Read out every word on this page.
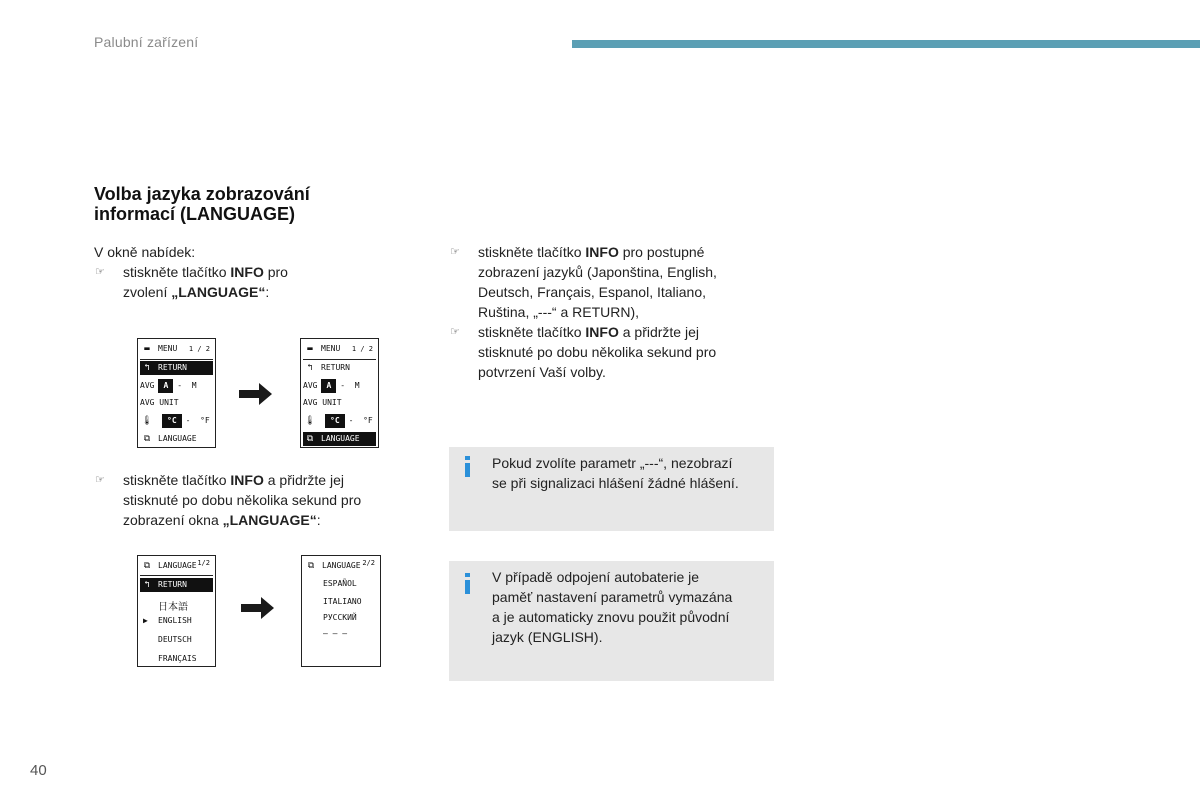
Palubní zařízení
Volba jazyka zobrazování
informací (LANGUAGE)
V okně nabídek:
☞ stiskněte tlačítko INFO pro
zvolení „LANGUAGE“:
▬	MENU 1 / 2
↰	RETURN
AVG	A	-
M
AVG UNIT
🌡	°C	-
°F
⧉ LANGUAGE
▬	MENU 1 / 2
↰	RETURN
AVG	A	-
M
AVG UNIT
🌡	°C	-
°F
⧉ LANGUAGE
☞ stiskněte tlačítko INFO a přidržte jej
stisknuté po dobu několika sekund pro
zobrazení okna „LANGUAGE“:
⧉ LANGUAGE 1/2
↰	RETURN
日本語
▶ ENGLISH
DEUTSCH
FRANÇAIS
⧉ LANGUAGE 2/2
ESPAÑOL
ITALIANO
РУССКИЙ
— — —
☞ stiskněte tlačítko INFO pro postupné
zobrazení jazyků (Japonština, English,
Deutsch, Français, Espanol, Italiano,
Ruština, „---“ a RETURN),
☞ stiskněte tlačítko INFO a přidržte jej
stisknuté po dobu několika sekund pro
potvrzení Vaší volby.
Pokud zvolíte parametr „---“, nezobrazí
se při signalizaci hlášení žádné hlášení.
V případě odpojení autobaterie je
paměť nastavení parametrů vymazána
a je automaticky znovu použit původní
jazyk (ENGLISH).
40
